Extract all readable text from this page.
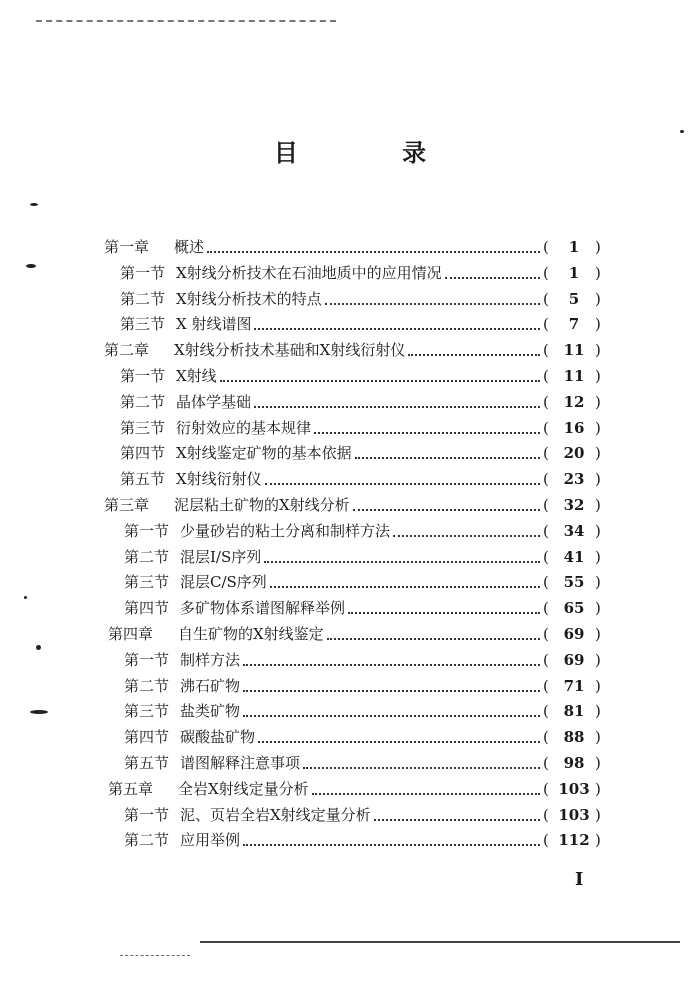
目 录
第一章	概述	(	1	)
第一节 X射线分析技术在石油地质中的应用情况	(	1	)
第二节 X射线分析技术的特点	(	5	)
第三节 X 射线谱图	(	7	)
第二章	X射线分析技术基础和X射线衍射仪	( 11 )
第一节 X射线	( 11 )
第二节 晶体学基础	( 12 )
第三节 衍射效应的基本规律	( 16 )
第四节 X射线鉴定矿物的基本依据	( 20 )
第五节 X射线衍射仪	( 23 )
第三章	泥层粘土矿物的X射线分析	( 32 )
第一节 少量砂岩的粘土分离和制样方法	( 34 )
第二节 混层I/S序列	( 41 )
第三节 混层C/S序列	( 55 )
第四节 多矿物体系谱图解释举例	( 65 )
第四章	自生矿物的X射线鉴定	( 69 )
第一节 制样方法	( 69 )
第二节 沸石矿物	( 71 )
第三节 盐类矿物	( 81 )
第四节 碳酸盐矿物	( 88 )
第五节 谱图解释注意事项	( 98 )
第五章	全岩X射线定量分析	( 103 )
第一节 泥、页岩全岩X射线定量分析	( 103 )
第二节 应用举例	( 112 )
I
